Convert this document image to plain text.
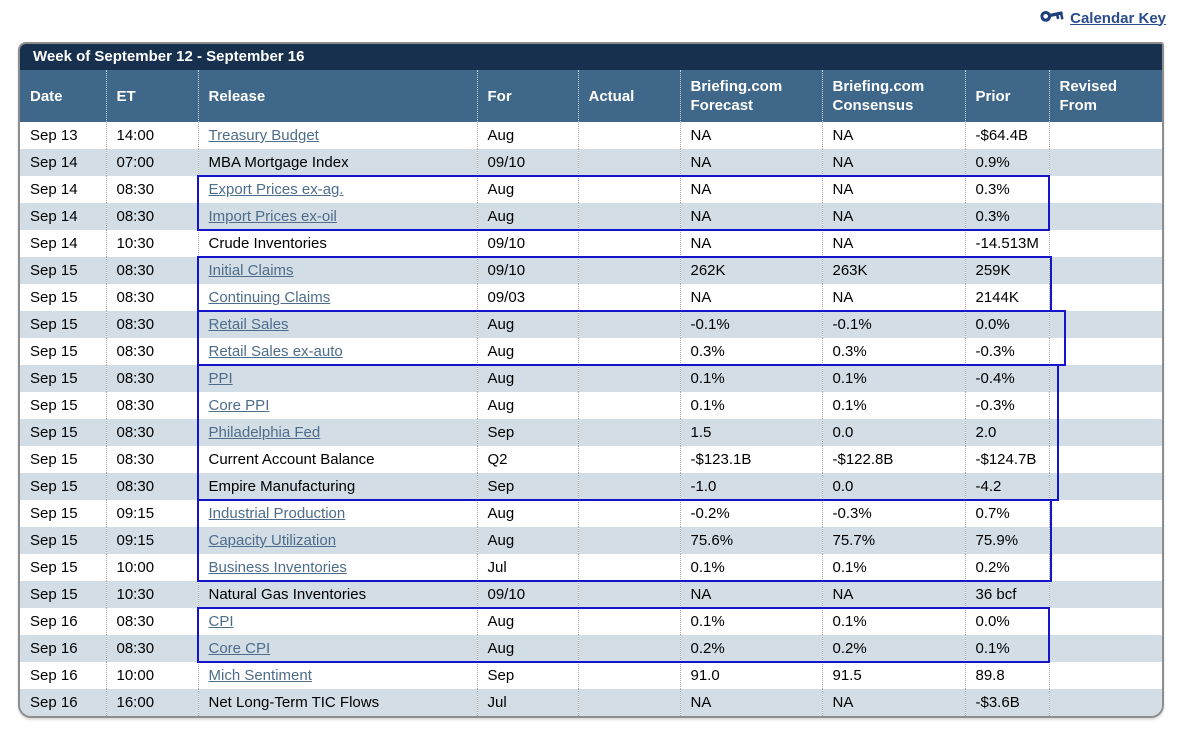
Calendar Key
Week of September 12 - September 16
Date	ET	Release	For	Actual	Briefing.com Forecast	Briefing.com Consensus	Prior	Revised From
Sep 13	14:00	Treasury Budget	Aug		NA	NA	-$64.4B	
Sep 14	07:00	MBA Mortgage Index	09/10		NA	NA	0.9%	
Sep 14	08:30	Export Prices ex-ag.	Aug		NA	NA	0.3%	
Sep 14	08:30	Import Prices ex-oil	Aug		NA	NA	0.3%	
Sep 14	10:30	Crude Inventories	09/10		NA	NA	-14.513M	
Sep 15	08:30	Initial Claims	09/10		262K	263K	259K	
Sep 15	08:30	Continuing Claims	09/03		NA	NA	2144K	
Sep 15	08:30	Retail Sales	Aug		-0.1%	-0.1%	0.0%	
Sep 15	08:30	Retail Sales ex-auto	Aug		0.3%	0.3%	-0.3%	
Sep 15	08:30	PPI	Aug		0.1%	0.1%	-0.4%	
Sep 15	08:30	Core PPI	Aug		0.1%	0.1%	-0.3%	
Sep 15	08:30	Philadelphia Fed	Sep		1.5	0.0	2.0	
Sep 15	08:30	Current Account Balance	Q2		-$123.1B	-$122.8B	-$124.7B	
Sep 15	08:30	Empire Manufacturing	Sep		-1.0	0.0	-4.2	
Sep 15	09:15	Industrial Production	Aug		-0.2%	-0.3%	0.7%	
Sep 15	09:15	Capacity Utilization	Aug		75.6%	75.7%	75.9%	
Sep 15	10:00	Business Inventories	Jul		0.1%	0.1%	0.2%	
Sep 15	10:30	Natural Gas Inventories	09/10		NA	NA	36 bcf	
Sep 16	08:30	CPI	Aug		0.1%	0.1%	0.0%	
Sep 16	08:30	Core CPI	Aug		0.2%	0.2%	0.1%	
Sep 16	10:00	Mich Sentiment	Sep		91.0	91.5	89.8	
Sep 16	16:00	Net Long-Term TIC Flows	Jul		NA	NA	-$3.6B	
